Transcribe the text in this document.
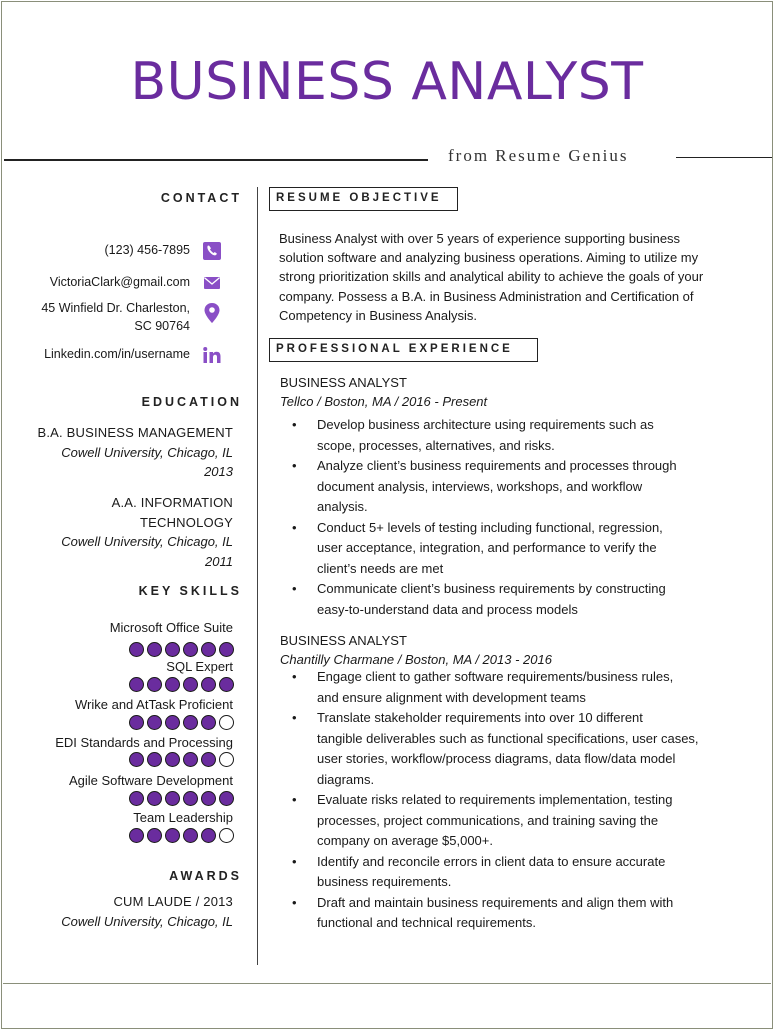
BUSINESS ANALYST
from Resume Genius
CONTACT
(123) 456-7895
VictoriaClark@gmail.com
45 Winfield Dr. Charleston,
SC 90764
Linkedin.com/in/username
EDUCATION
B.A. BUSINESS MANAGEMENT
Cowell University, Chicago, IL
2013
A.A. INFORMATION
TECHNOLOGY
Cowell University, Chicago, IL
2011
KEY SKILLS
Microsoft Office Suite
SQL Expert
Wrike and AtTask Proficient
EDI Standards and Processing
Agile Software Development
Team Leadership
AWARDS
CUM LAUDE / 2013
Cowell University, Chicago, IL
RESUME OBJECTIVE
Business Analyst with over 5 years of experience supporting business
solution software and analyzing business operations. Aiming to utilize my
strong prioritization skills and analytical ability to achieve the goals of your
company. Possess a B.A. in Business Administration and Certification of
Competency in Business Analysis.
PROFESSIONAL EXPERIENCE
BUSINESS ANALYST
Tellco / Boston, MA / 2016 - Present
• Develop business architecture using requirements such as
scope, processes, alternatives, and risks.
• Analyze client’s business requirements and processes through
document analysis, interviews, workshops, and workflow
analysis.
• Conduct 5+ levels of testing including functional, regression,
user acceptance, integration, and performance to verify the
client’s needs are met
• Communicate client’s business requirements by constructing
easy-to-understand data and process models
BUSINESS ANALYST
Chantilly Charmane / Boston, MA / 2013 - 2016
• Engage client to gather software requirements/business rules,
and ensure alignment with development teams
• Translate stakeholder requirements into over 10 different
tangible deliverables such as functional specifications, user cases,
user stories, workflow/process diagrams, data flow/data model
diagrams.
• Evaluate risks related to requirements implementation, testing
processes, project communications, and training saving the
company on average $5,000+.
• Identify and reconcile errors in client data to ensure accurate
business requirements.
• Draft and maintain business requirements and align them with
functional and technical requirements.
